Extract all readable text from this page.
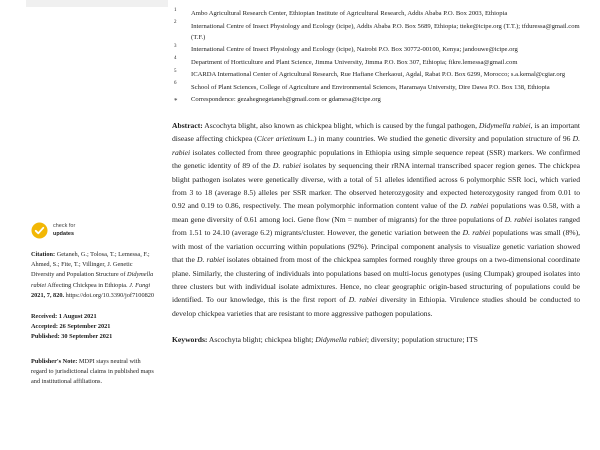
check for
updates
Citation: Getaneh, G.; Tolosa, T.; Lemessa, F.; Ahmed, S.; Fite, T.; Villinger, J. Genetic Diversity and Population Structure of Didymella rabiei Affecting Chickpea in Ethiopia. J. Fungi 2021, 7, 820. https://doi.org/10.3390/jof7100820
Received: 1 August 2021
Accepted: 26 September 2021
Published: 30 September 2021
Publisher's Note: MDPI stays neutral with regard to jurisdictional claims in published maps and institutional affiliations.
1 Ambo Agricultural Research Center, Ethiopian Institute of Agricultural Research, Addis Ababa P.O. Box 2003, Ethiopia
2 International Centre of Insect Physiology and Ecology (icipe), Addis Ababa P.O. Box 5689, Ethiopia; tteke@icipe.org (T.T.); tfduressa@gmail.com (T.F.)
3 International Centre of Insect Physiology and Ecology (icipe), Nairobi P.O. Box 30772-00100, Kenya; jandouwe@icipe.org
4 Department of Horticulture and Plant Science, Jimma University, Jimma P.O. Box 307, Ethiopia; fikre.lemessa@gmail.com
5 ICARDA International Center of Agricultural Research, Rue Hafiane Cherkaoui, Agdal, Rabat P.O. Box 6299, Morocco; s.a.kemal@cgiar.org
6 School of Plant Sciences, College of Agriculture and Environmental Sciences, Haramaya University, Dire Dawa P.O. Box 138, Ethiopia
* Correspondence: gezahegnegetaneh@gmail.com or gdamesa@icipe.org

Abstract: Ascochyta blight, also known as chickpea blight, which is caused by the fungal pathogen, Didymella rabiei, is an important disease affecting chickpea (Cicer arietinum L.) in many countries. We studied the genetic diversity and population structure of 96 D. rabiei isolates collected from three geographic populations in Ethiopia using simple sequence repeat (SSR) markers. We confirmed the genetic identity of 89 of the D. rabiei isolates by sequencing their rRNA internal transcribed spacer region genes. The chickpea blight pathogen isolates were genetically diverse, with a total of 51 alleles identified across 6 polymorphic SSR loci, which varied from 3 to 18 (average 8.5) alleles per SSR marker. The observed heterozygosity and expected heterozygosity ranged from 0.01 to 0.92 and 0.19 to 0.86, respectively. The mean polymorphic information content value of the D. rabiei populations was 0.58, with a mean gene diversity of 0.61 among loci. Gene flow (Nm = number of migrants) for the three populations of D. rabiei isolates ranged from 1.51 to 24.10 (average 6.2) migrants/cluster. However, the genetic variation between the D. rabiei populations was small (8%), with most of the variation occurring within populations (92%). Principal component analysis to visualize genetic variation showed that the D. rabiei isolates obtained from most of the chickpea samples formed roughly three groups on a two-dimensional coordinate plane. Similarly, the clustering of individuals into populations based on multi-locus genotypes (using Clumpak) grouped isolates into three clusters but with individual isolate admixtures. Hence, no clear geographic origin-based structuring of populations could be identified. To our knowledge, this is the first report of D. rabiei diversity in Ethiopia. Virulence studies should be conducted to develop chickpea varieties that are resistant to more aggressive pathogen populations.

Keywords: Ascochyta blight; chickpea blight; Didymella rabiei; diversity; population structure; ITS
